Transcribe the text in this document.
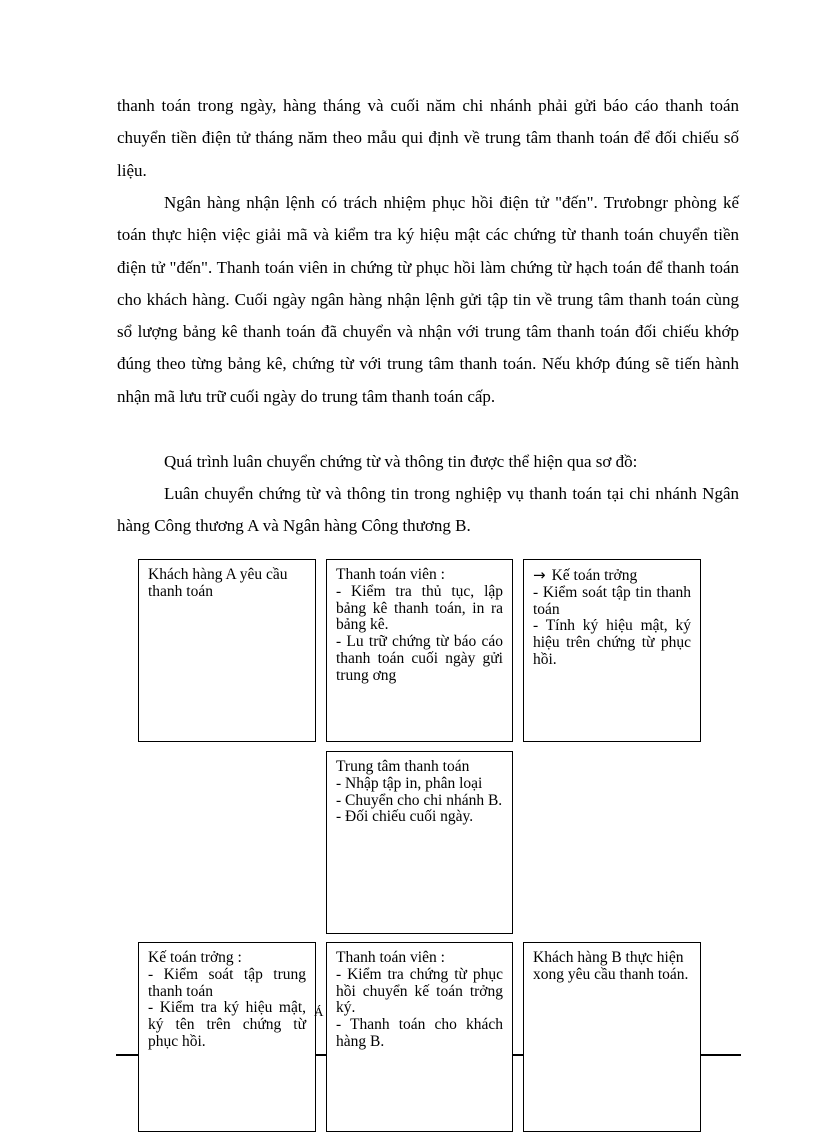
thanh toán trong ngày, hàng tháng và cuối năm chi nhánh phải gửi báo cáo thanh toán chuyển tiền điện tử tháng năm theo mẫu qui định về trung tâm thanh toán để đối chiếu số liệu.

Ngân hàng nhận lệnh có trách nhiệm phục hồi điện tử "đến". Trưobngr phòng kế toán thực hiện việc giải mã và kiểm tra ký hiệu mật các chứng từ thanh toán chuyển tiền điện tử "đến". Thanh toán viên in chứng từ phục hồi làm chứng từ hạch toán để thanh toán cho khách hàng. Cuối ngày ngân hàng nhận lệnh gửi tập tin về trung tâm thanh toán cùng sổ lượng bảng kê thanh toán đã chuyển và nhận với trung tâm thanh toán đối chiếu khớp đúng theo từng bảng kê, chứng từ với trung tâm thanh toán. Nếu khớp đúng sẽ tiến hành nhận mã lưu trữ cuối ngày do trung tâm thanh toán cấp.

Quá trình luân chuyển chứng từ và thông tin được thể hiện qua sơ đồ:

Luân chuyển chứng từ và thông tin trong nghiệp vụ thanh toán tại chi nhánh Ngân hàng Công thương A và Ngân hàng Công thương B.

Khách hàng A yêu cầu thanh toán
Thanh toán viên :
- Kiểm tra thủ tục, lập bảng kê thanh toán, in ra bảng kê.
- Lu trữ chứng từ báo cáo thanh toán cuối ngày gửi trung ơng
→ Kế toán trởng
- Kiểm soát tập tin thanh toán
- Tính ký hiệu mật, ký hiệu trên chứng từ phục hồi.
Trung tâm thanh toán
- Nhập tập in, phân loại
- Chuyển cho chi nhánh B.
- Đối chiếu cuối ngày.
Kế toán trởng :
- Kiểm soát tập trung thanh toán
- Kiểm tra ký hiệu mật, ký tên trên chứng từ phục hồi.
Thanh toán viên :
- Kiểm tra chứng từ phục hồi chuyển kế toán trởng ký.
- Thanh toán cho khách hàng B.
Khách hàng B thực hiện xong yêu cầu thanh toán.
Á
